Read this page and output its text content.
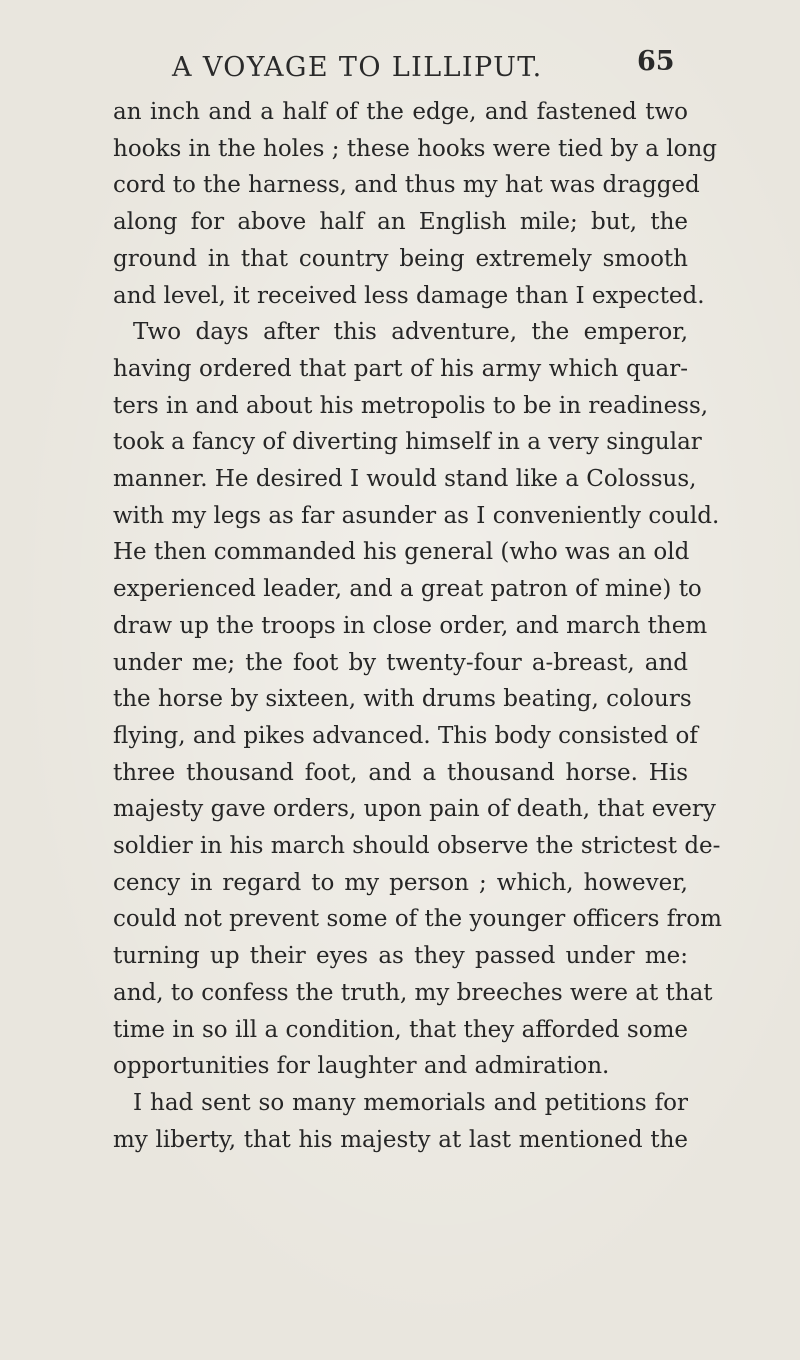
A VOYAGE TO LILLIPUT.	65
an inch and a half of the edge, and fastened two
hooks in the holes ; these hooks were tied by a long
cord to the harness, and thus my hat was dragged
along for above half an English mile; but, the
ground in that country being extremely smooth
and level, it received less damage than I expected.
Two days after this adventure, the emperor,
having ordered that part of his army which quar-
ters in and about his metropolis to be in readiness,
took a fancy of diverting himself in a very singular
manner. He desired I would stand like a Colossus,
with my legs as far asunder as I conveniently could.
He then commanded his general (who was an old
experienced leader, and a great patron of mine) to
draw up the troops in close order, and march them
under me; the foot by twenty-four a-breast, and
the horse by sixteen, with drums beating, colours
flying, and pikes advanced. This body consisted of
three thousand foot, and a thousand horse. His
majesty gave orders, upon pain of death, that every
soldier in his march should observe the strictest de-
cency in regard to my person ; which, however,
could not prevent some of the younger officers from
turning up their eyes as they passed under me:
and, to confess the truth, my breeches were at that
time in so ill a condition, that they afforded some
opportunities for laughter and admiration.
I had sent so many memorials and petitions for
my liberty, that his majesty at last mentioned the
